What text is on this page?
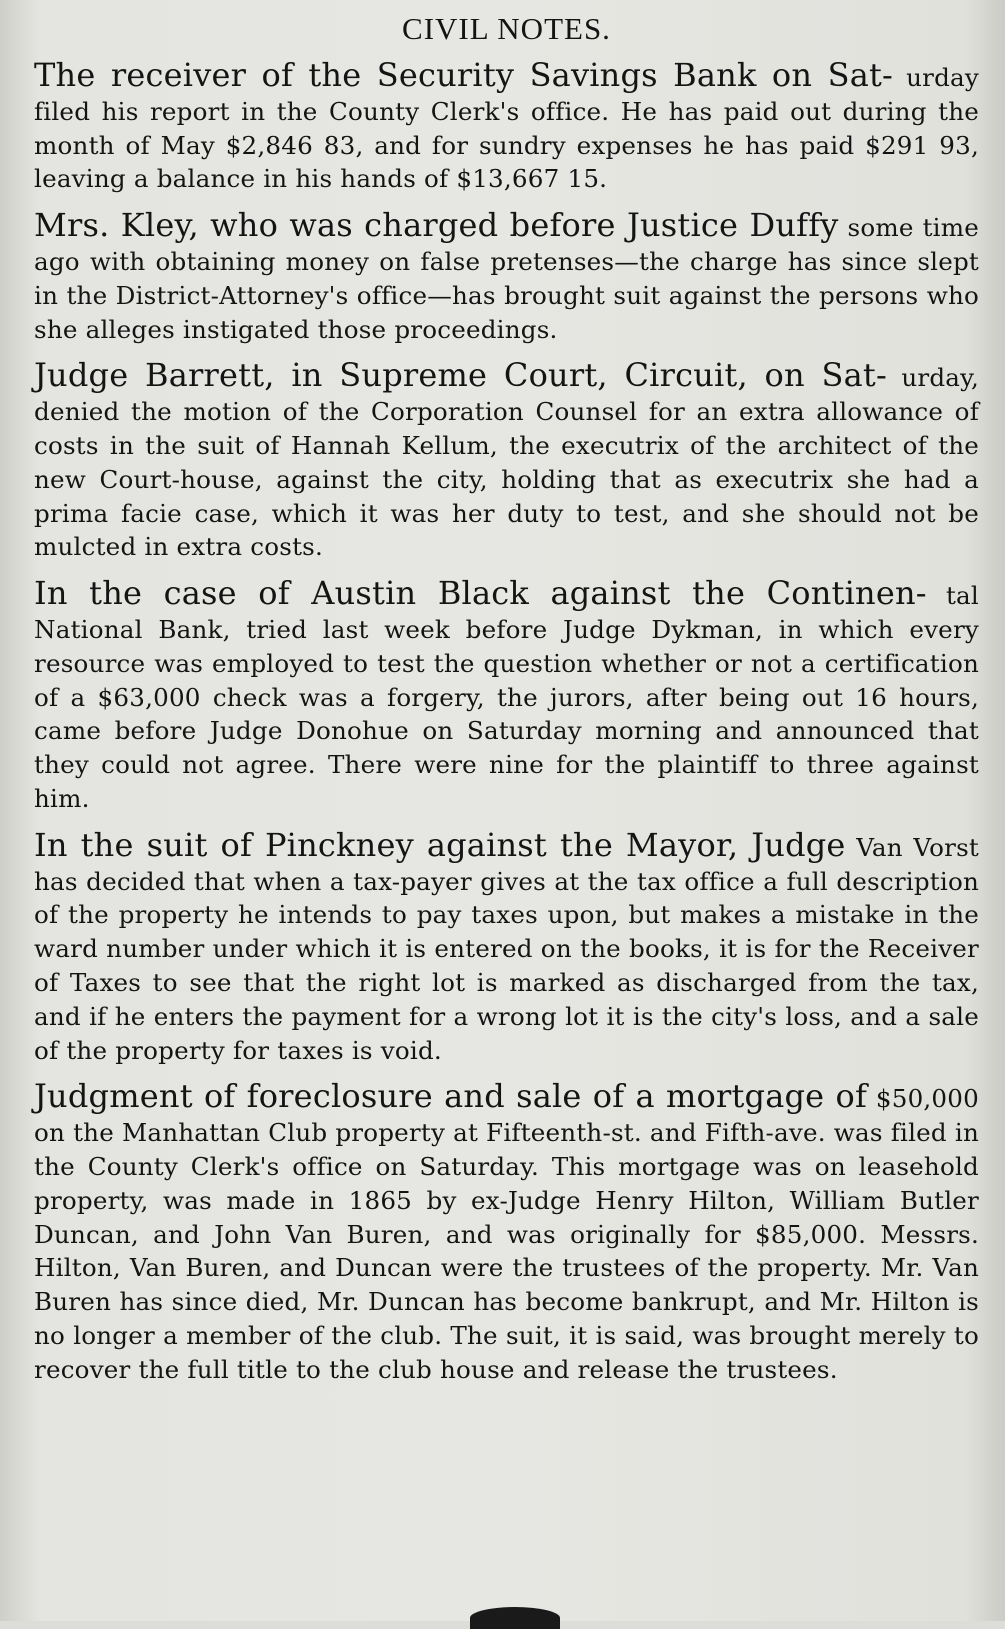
CIVIL NOTES.

The receiver of the Security Savings Bank on Sat- urday filed his report in the County Clerk's office. He has paid out during the month of May $2,846 83, and for sundry expenses he has paid $291 93, leaving a balance in his hands of $13,667 15.

Mrs. Kley, who was charged before Justice Duffy some time ago with obtaining money on false pretenses—the charge has since slept in the District-Attorney's office—has brought suit against the persons who she alleges instigated those proceedings.

Judge Barrett, in Supreme Court, Circuit, on Sat- urday, denied the motion of the Corporation Counsel for an extra allowance of costs in the suit of Hannah Kellum, the executrix of the architect of the new Court-house, against the city, holding that as executrix she had a prima facie case, which it was her duty to test, and she should not be mulcted in extra costs.

In the case of Austin Black against the Continen- tal National Bank, tried last week before Judge Dykman, in which every resource was employed to test the question whether or not a certification of a $63,000 check was a forgery, the jurors, after being out 16 hours, came before Judge Donohue on Saturday morning and announced that they could not agree. There were nine for the plaintiff to three against him.

In the suit of Pinckney against the Mayor, Judge Van Vorst has decided that when a tax-payer gives at the tax office a full description of the property he intends to pay taxes upon, but makes a mistake in the ward number under which it is entered on the books, it is for the Receiver of Taxes to see that the right lot is marked as discharged from the tax, and if he enters the payment for a wrong lot it is the city's loss, and a sale of the property for taxes is void.

Judgment of foreclosure and sale of a mortgage of $50,000 on the Manhattan Club property at Fifteenth-st. and Fifth-ave. was filed in the County Clerk's office on Saturday. This mortgage was on leasehold property, was made in 1865 by ex-Judge Henry Hilton, William Butler Duncan, and John Van Buren, and was originally for $85,000. Messrs. Hilton, Van Buren, and Duncan were the trustees of the property. Mr. Van Buren has since died, Mr. Duncan has become bankrupt, and Mr. Hilton is no longer a member of the club. The suit, it is said, was brought merely to recover the full title to the club house and release the trustees.
